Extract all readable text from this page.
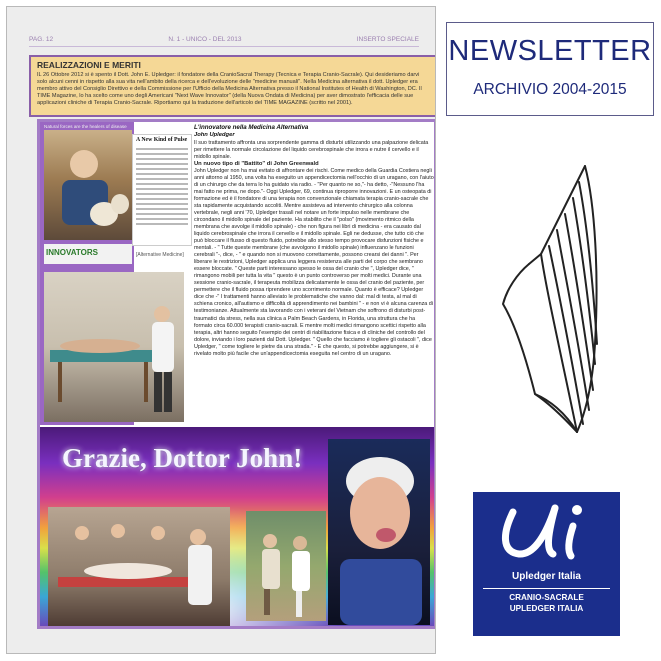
PAG. 12	N. 1 - UNICO - DEL 2013	INSERTO SPECIALE
REALIZZAZIONI E MERITI

IL 26 Ottobre 2012 si è spento il Dott. John E. Upledger: il fondatore della CranioSacral Therapy (Tecnica e Terapia Cranio-Sacrale). Qui desideriamo darvi solo alcuni cenni in rispetto alla sua vita nell'ambito della ricerca e dell'evoluzione delle "medicine manuali". Nella Medicina alternativa il dott. Upledger era membro attivo del Consiglio Direttivo e della Commissione per l'Ufficio della Medicina Alternativa presso il National Institutes of Health di Washington, DC. Il TIME Magazine, lo ha scelto come uno degli Americani "Next Wave Innovator" (della Nuova Ondata di Medicina) per aver dimostrato l'efficacia delle sue applicazioni cliniche di Terapia Cranio-Sacrale. Riportiamo qui la traduzione dell'articolo del TIME MAGAZINE (scritto nel 2001).

Natural forces are the healers of disease
A New Kind of Pulse
INNOVATORS	[Alternative Medicine]

L'innovatore nella Medicina Alternativa

John Upledger

Il suo trattamento affronta una sorprendente gamma di disturbi utilizzando una palpazione delicata per rimettere la normale circolazione del liquido cerebrospinale che irrora e nutre il cervello e il midollo spinale.

Un nuovo tipo di "Battito" di John Greenwald

John Upledger non ha mai evitato di affrontare dei rischi. Come medico della Guardia Costiera negli anni attorno al 1950, una volta ha eseguito un appendicectomia nell'occhio di un uragano, con l'aiuto di un chirurgo che da terra lo ha guidato via radio. - "Per quanto ne so,"- ha detto, -"Nessuno l'ha mai fatto ne prima, ne dopo."- Oggi Upledger, 69, continua riproporre innovazioni. E un osteopata di formazione ed è il fondatore di una terapia non convenzionale chiamata terapia cranio-sacrale che sta rapidamente acquistando accoliti. Mentre assisteva ad intervento chirurgico alla colonna vertebrale, negli anni '70, Upledger trasalì nel notare un forte impulso nelle membrane che circondano il midollo spinale del paziente. Ha stabilito che il "polso" (movimento ritmico della membrana che avvolge il midollo spinale) - che non figura nei libri di medicina - era causato dal liquido cerebrospinale che irrora il cervello e il midollo spinale. Egli ne dedusse, che tutto ciò che può bloccare il flusso di questo fluido, potrebbe allo stesso tempo provocare disfunzioni fisiche e mentali. - " Tutte queste membrane (che avvolgono il midollo spinale) influenzano le funzioni cerebrali "-, dice, - " e quando non si muovono correttamente, possono crearsi dei danni ". Per liberare le restrizioni, Upledger applica una leggera resistenza alle parti del corpo che sembrano essere bloccate. " Queste parti interessano spesso le ossa del cranio che ", Upledger dice, " rimangono mobili per tutta la vita " questo è un punto controverso per molti medici. Durante una sessione cranio-sacrale, il terapeuta mobilizza delicatamente le ossa del cranio del paziente, per permettere che il fluido possa riprendere uno scorrimento normale. Quanto è efficace? Upledger dice che -" I trattamenti hanno alleviato le problematiche che vanno dal: mal di testa, al mal di schiena cronico, all'autismo e difficoltà di apprendimento nei bambini " - e non vi è alcuna carenza di testimonianze. Attualmente sta lavorando con i veterani del Vietnam che soffrono di disturbi post-traumatici da stress, nella sua clinica a Palm Beach Gardens, in Florida, una struttura che ha formato circa 60.000 terapisti cranio-sacrali. E mentre molti medici rimangono scettici rispetto alla terapia, altri hanno seguito l'esempio dei centri di riabilitazione fisica e di cliniche del controllo del dolore, inviando i loro pazienti dal Dott. Upledger. " Quello che facciamo è togliere gli ostacoli ", dice Upledger, " come togliere le pietre da una strada." - E che questo, si potrebbe aggiungere, si è rivelato molto più facile che un'appendicectomia eseguita nel centro di un uragano.

Grazie, Dottor John!
NEWSLETTER
ARCHIVIO 2004-2015
Upledger Italia
CRANIO-SACRALE
UPLEDGER ITALIA
